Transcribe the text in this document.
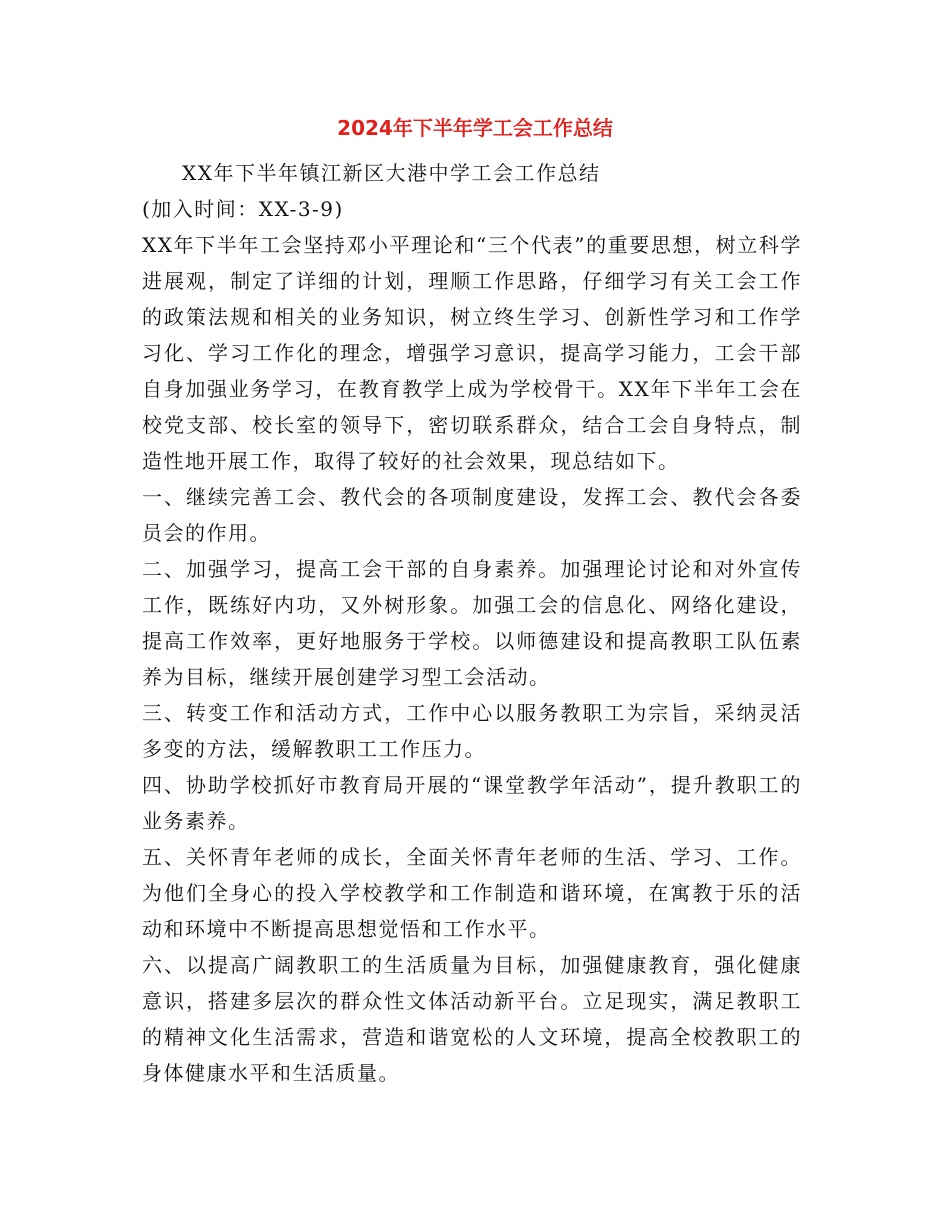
2024年下半年学工会工作总结

XX年下半年镇江新区大港中学工会工作总结

(加入时间：XX-3-9)

XX年下半年工会坚持邓小平理论和“三个代表”的重要思想，树立科学进展观，制定了详细的计划，理顺工作思路，仔细学习有关工会工作的政策法规和相关的业务知识，树立终生学习、创新性学习和工作学习化、学习工作化的理念，增强学习意识，提高学习能力，工会干部自身加强业务学习，在教育教学上成为学校骨干。XX年下半年工会在校党支部、校长室的领导下，密切联系群众，结合工会自身特点，制造性地开展工作，取得了较好的社会效果，现总结如下。

一、继续完善工会、教代会的各项制度建设，发挥工会、教代会各委员会的作用。

二、加强学习，提高工会干部的自身素养。加强理论讨论和对外宣传工作，既练好内功，又外树形象。加强工会的信息化、网络化建设，提高工作效率，更好地服务于学校。以师德建设和提高教职工队伍素养为目标，继续开展创建学习型工会活动。

三、转变工作和活动方式，工作中心以服务教职工为宗旨，采纳灵活多变的方法，缓解教职工工作压力。

四、协助学校抓好市教育局开展的“课堂教学年活动”，提升教职工的业务素养。

五、关怀青年老师的成长，全面关怀青年老师的生活、学习、工作。为他们全身心的投入学校教学和工作制造和谐环境，在寓教于乐的活动和环境中不断提高思想觉悟和工作水平。

六、以提高广阔教职工的生活质量为目标，加强健康教育，强化健康意识，搭建多层次的群众性文体活动新平台。立足现实，满足教职工的精神文化生活需求，营造和谐宽松的人文环境，提高全校教职工的身体健康水平和生活质量。
